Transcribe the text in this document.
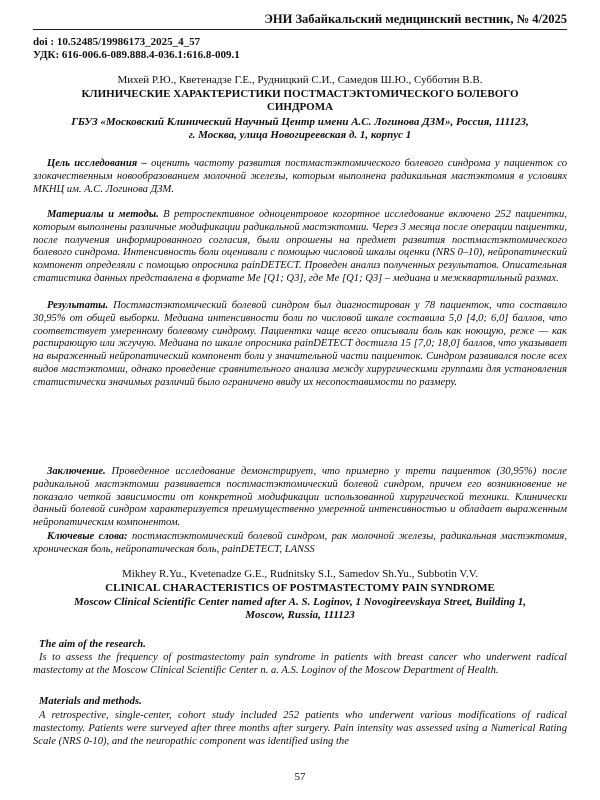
ЭНИ Забайкальский медицинский вестник, № 4/2025
doi : 10.52485/19986173_2025_4_57
УДК: 616-006.6-089.888.4-036.1:616.8-009.1
Михей Р.Ю., Кветенадзе Г.Е., Рудницкий С.И., Самедов Ш.Ю., Субботин В.В.
КЛИНИЧЕСКИЕ ХАРАКТЕРИСТИКИ ПОСТМАСТЭКТОМИЧЕСКОГО БОЛЕВОГО
СИНДРОМА
ГБУЗ «Московский Клинический Научный Центр имени А.С. Логинова ДЗМ», Россия, 111123,
г. Москва, улица Новогиреевская д. 1, корпус 1
Цель исследования – оценить частоту развития постмастэктомического болевого синдрома у пациенток со злокачественным новообразованием молочной железы, которым выполнена радикальная мастэктомия в условиях МКНЦ им. А.С. Логинова ДЗМ.
Материалы и методы. В ретроспективное одноцентровое когортное исследование включено 252 пациентки, которым выполнены различные модификации радикальной мастэктомии. Через 3 месяца после операции пациентки, после получения информированного согласия, были опрошены на предмет развития постмастэктомического болевого синдрома. Интенсивность боли оценивали с помощью числовой шкалы оценки (NRS 0–10), нейропатический компонент определяли с помощью опросника painDETECT. Проведен анализ полученных результатов. Описательная статистика данных представлена в формате Me [Q1; Q3], где Me [Q1; Q3] – медиана и межквартильный размах.
Результаты. Постмастэктомический болевой синдром был диагностирован у 78 пациенток, что составило 30,95% от общей выборки. Медиана интенсивности боли по числовой шкале составила 5,0 [4,0; 6,0] баллов, что соответствует умеренному болевому синдрому. Пациентки чаще всего описывали боль как ноющую, реже — как распирающую или жгучую. Медиана по шкале опросника painDETECT достигла 15 [7,0; 18,0] баллов, что указывает на выраженный нейропатический компонент боли у значительной части пациенток. Синдром развивался после всех видов мастэктомии, однако проведение сравнительного анализа между хирургическими группами для установления статистически значимых различий было ограничено ввиду их несопоставимости по размеру.
Заключение. Проведенное исследование демонстрирует, что примерно у трети пациенток (30,95%) после радикальной мастэктомии развивается постмастэктомический болевой синдром, причем его возникновение не показало четкой зависимости от конкретной модификации использованной хирургической техники. Клинически данный болевой синдром характеризуется преимущественно умеренной интенсивностью и обладает выраженным нейропатическим компонентом.
Ключевые слова: постмастэктомический болевой синдром, рак молочной железы, радикальная мастэктомия, хроническая боль, нейропатическая боль, painDETECT, LANSS
Mikhey R.Yu., Kvetenadze G.E., Rudnitsky S.I., Samedov Sh.Yu., Subbotin V.V.
CLINICAL CHARACTERISTICS OF POSTMASTECTOMY PAIN SYNDROME
Moscow Clinical Scientific Center named after A. S. Loginov, 1 Novogireevskaya Street, Building 1,
Moscow, Russia, 111123
The aim of the research.
Is to assess the frequency of postmastectomy pain syndrome in patients with breast cancer who underwent radical mastectomy at the Moscow Clinical Scientific Center n. a. A.S. Loginov of the Moscow Department of Health.
Materials and methods.
A retrospective, single-center, cohort study included 252 patients who underwent various modifications of radical mastectomy. Patients were surveyed after three months after surgery. Pain intensity was assessed using a Numerical Rating Scale (NRS 0-10), and the neuropathic component was identified using the
57
